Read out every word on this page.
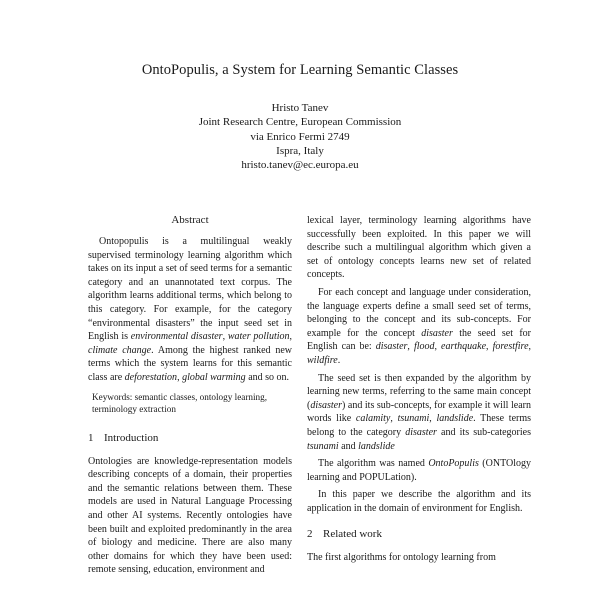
OntoPopulis, a System for Learning Semantic Classes
Hristo Tanev
Joint Research Centre, European Commission
via Enrico Fermi 2749
Ispra, Italy
hristo.tanev@ec.europa.eu
Abstract

Ontopopulis is a multilingual weakly supervised terminology learning algorithm which takes on its input a set of seed terms for a semantic category and an unannotated text corpus. The algorithm learns additional terms, which belong to this category. For example, for the category “environmental disasters” the input seed set in English is environmental disaster, water pollution, climate change. Among the highest ranked new terms which the system learns for this semantic class are deforestation, global warming and so on.

Keywords: semantic classes, ontology learning, terminology extraction

1 Introduction

Ontologies are knowledge-representation models describing concepts of a domain, their properties and the semantic relations between them. These models are used in Natural Language Processing and other AI systems. Recently ontologies have been built and exploited predominantly in the area of biology and medicine. There are also many other domains for which they have been used: remote sensing, education, environment and

lexical layer, terminology learning algorithms have successfully been exploited. In this paper we will describe such a multilingual algorithm which given a set of ontology concepts learns new set of related concepts.

For each concept and language under consideration, the language experts define a small seed set of terms, belonging to the concept and its sub-concepts. For example for the concept disaster the seed set for English can be: disaster, flood, earthquake, forestfire, wildfire.

The seed set is then expanded by the algorithm by learning new terms, referring to the same main concept (disaster) and its sub-concepts, for example it will learn words like calamity, tsunami, landslide. These terms belong to the category disaster and its sub-categories tsunami and landslide

The algorithm was named OntoPopulis (ONTOlogy learning and POPULation).

In this paper we describe the algorithm and its application in the domain of environment for English.

2 Related work

The first algorithms for ontology learning from
